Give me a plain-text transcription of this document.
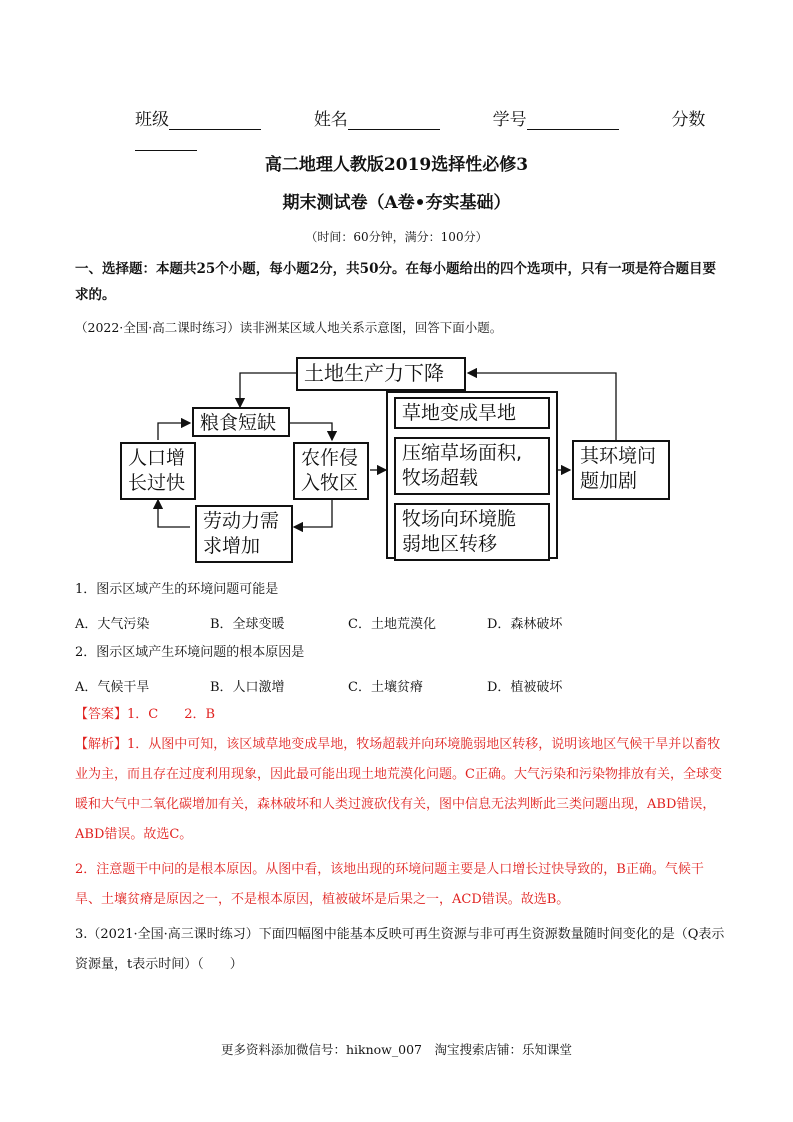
班级	姓名	学号	分数
高二地理人教版2019选择性必修3
期末测试卷（A卷•夯实基础）
（时间：60分钟，满分：100分）
一、选择题：本题共25个小题，每小题2分，共50分。在每小题给出的四个选项中，只有一项是符合题目要求的。
（2022·全国·高二课时练习）读非洲某区域人地关系示意图，回答下面小题。
土地生产力下降
粮食短缺
人口增
长过快
农作侵
入牧区
劳动力需
求增加
草地变成旱地
压缩草场面积,
牧场超载
牧场向环境脆
弱地区转移
其环境问
题加剧
1．图示区域产生的环境问题可能是
A．大气污染	B．全球变暖	C．土地荒漠化	D．森林破坏
2．图示区域产生环境问题的根本原因是
A．气候干旱	B．人口激增	C．土壤贫瘠	D．植被破坏
【答案】1．C　　2．B
【解析】1．从图中可知，该区域草地变成旱地，牧场超载并向环境脆弱地区转移，说明该地区气候干旱并以畜牧业为主，而且存在过度利用现象，因此最可能出现土地荒漠化问题。C正确。大气污染和污染物排放有关，全球变暖和大气中二氧化碳增加有关，森林破坏和人类过渡砍伐有关，图中信息无法判断此三类问题出现，ABD错误，ABD错误。故选C。
2．注意题干中问的是根本原因。从图中看，该地出现的环境问题主要是人口增长过快导致的，B正确。气候干旱、土壤贫瘠是原因之一，不是根本原因，植被破坏是后果之一，ACD错误。故选B。
3.（2021·全国·高三课时练习）下面四幅图中能基本反映可再生资源与非可再生资源数量随时间变化的是（Q表示资源量，t表示时间）（　　）
更多资料添加微信号：hiknow_007　淘宝搜索店铺：乐知课堂
